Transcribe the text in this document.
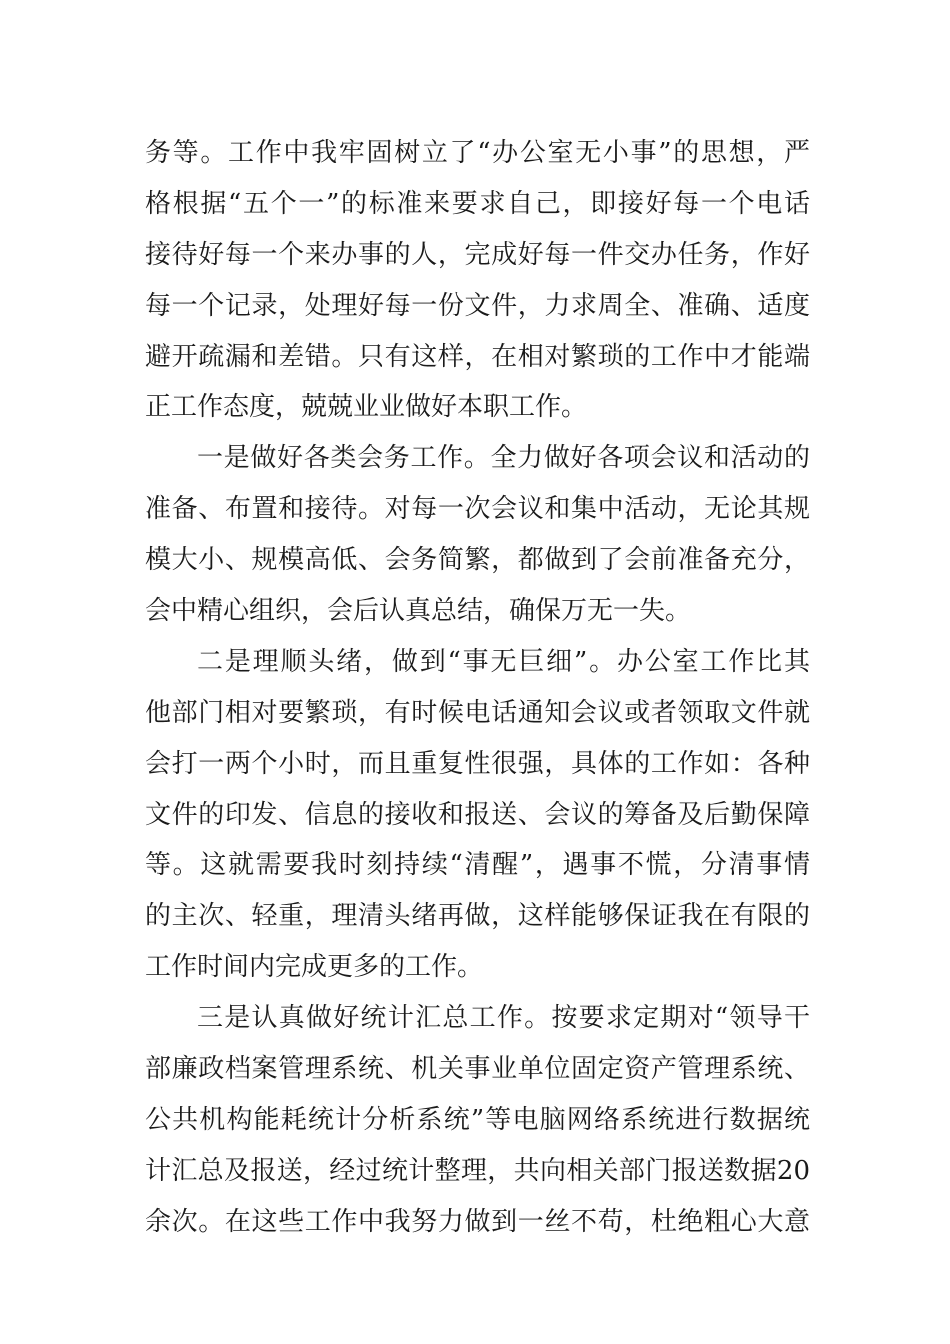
务等。工作中我牢固树立了“办公室无小事”的思想，严
格根据“五个一”的标准来要求自己，即接好每一个电话
接待好每一个来办事的人，完成好每一件交办任务，作好
每一个记录，处理好每一份文件，力求周全、准确、适度
避开疏漏和差错。只有这样，在相对繁琐的工作中才能端
正工作态度，兢兢业业做好本职工作。
一是做好各类会务工作。全力做好各项会议和活动的
准备、布置和接待。对每一次会议和集中活动，无论其规
模大小、规模高低、会务简繁，都做到了会前准备充分，
会中精心组织，会后认真总结，确保万无一失。
二是理顺头绪，做到“事无巨细”。办公室工作比其
他部门相对要繁琐，有时候电话通知会议或者领取文件就
会打一两个小时，而且重复性很强，具体的工作如：各种
文件的印发、信息的接收和报送、会议的筹备及后勤保障
等。这就需要我时刻持续“清醒”，遇事不慌，分清事情
的主次、轻重，理清头绪再做，这样能够保证我在有限的
工作时间内完成更多的工作。
三是认真做好统计汇总工作。按要求定期对“领导干
部廉政档案管理系统、机关事业单位固定资产管理系统、
公共机构能耗统计分析系统”等电脑网络系统进行数据统
计汇总及报送，经过统计整理，共向相关部门报送数据20
余次。在这些工作中我努力做到一丝不苟，杜绝粗心大意
